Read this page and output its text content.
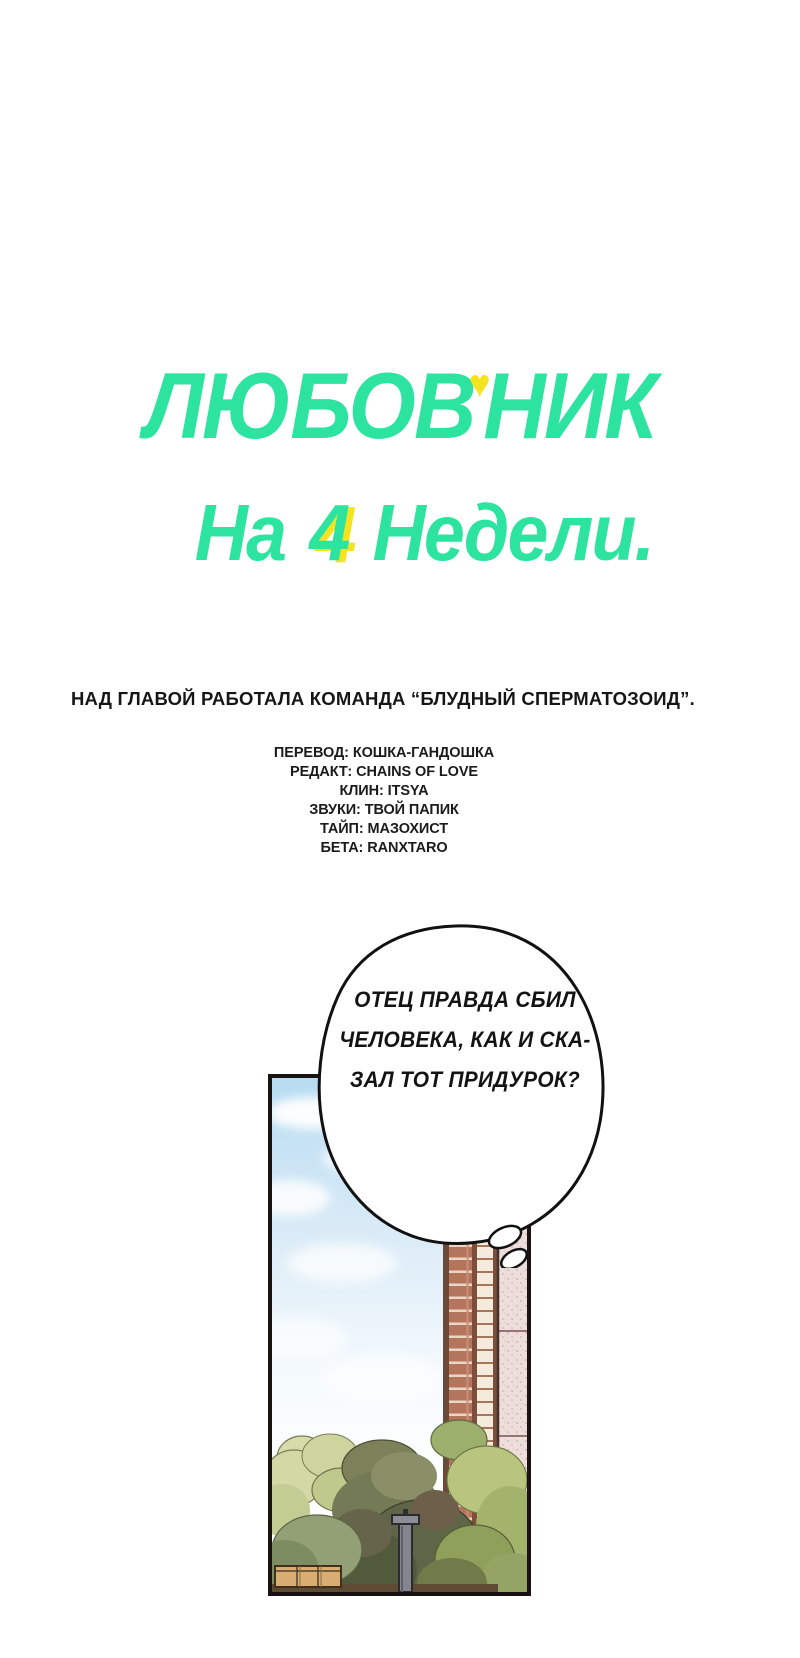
ЛЮБОВ♥НИК
На 4 Недели.
НАД ГЛАВОЙ РАБОТАЛА КОМАНДА “БЛУДНЫЙ СПЕРМАТОЗОИД”.
ПЕРЕВОД: КОШКА-ГАНДОШКА
РЕДАКТ: CHAINS OF LOVE
КЛИН: ITSYA
ЗВУКИ: ТВОЙ ПАПИК
ТАЙП: МАЗОХИСТ
БЕТА: RANXTARO
ОТЕЦ ПРАВДА СБИЛ
ЧЕЛОВЕКА, КАК И СКА-
ЗАЛ ТОТ ПРИДУРОК?
